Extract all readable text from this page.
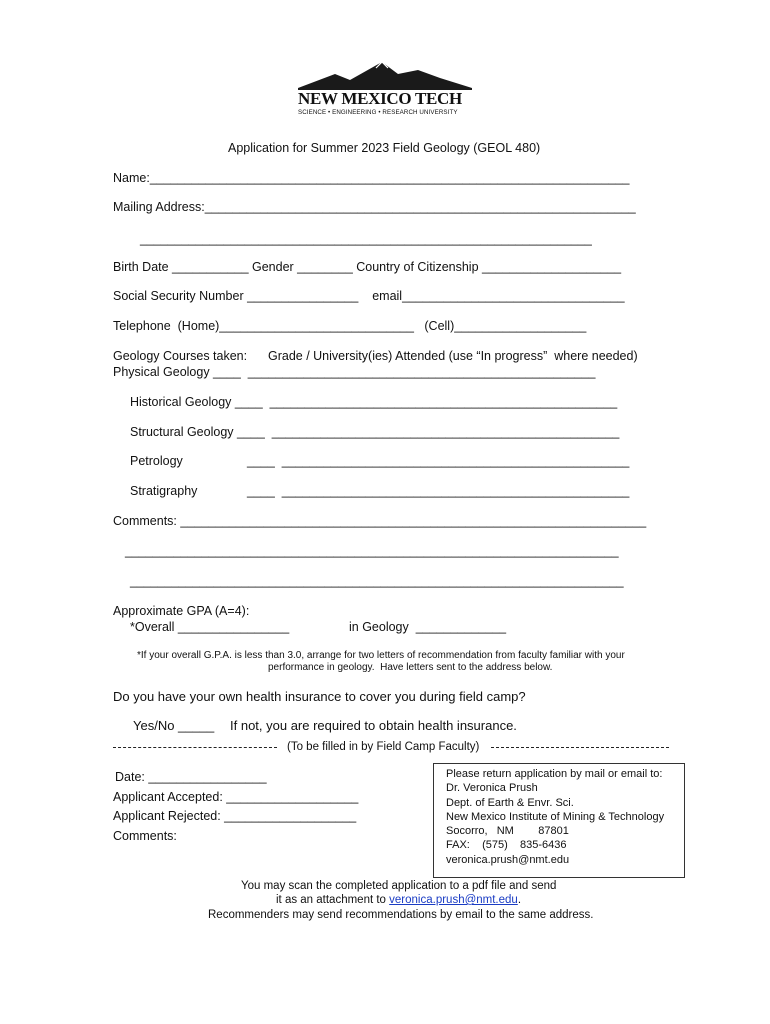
NEW MEXICO TECH

SCIENCE • ENGINEERING • RESEARCH UNIVERSITY

Application for Summer 2023 Field Geology (GEOL 480)
Name:_____________________________________________________________________
Mailing Address:______________________________________________________________
_________________________________________________________________
Birth Date ___________ Gender ________ Country of Citizenship ____________________
Social Security Number ________________    email________________________________
Telephone  (Home)____________________________   (Cell)___________________
Geology Courses taken: Grade / University(ies) Attended (use “In progress”  where needed)
Physical Geology ____  __________________________________________________
Historical Geology ____  __________________________________________________
Structural Geology ____  __________________________________________________
Petrology	____  __________________________________________________
Stratigraphy	____  __________________________________________________
Comments: ___________________________________________________________________
_______________________________________________________________________
_______________________________________________________________________
Approximate GPA (A=4):
*Overall ________________	in Geology  _____________
*If your overall G.P.A. is less than 3.0, arrange for two letters of recommendation from faculty familiar with your
performance in geology.  Have letters sent to the address below.
Do you have your own health insurance to cover you during field camp?
Yes/No _____ If not, you are required to obtain health insurance.
(To be filled in by Field Camp Faculty)
Date: _________________
Applicant Accepted: ___________________
Applicant Rejected: ___________________
Comments:
Please return application by mail or email to:
Dr. Veronica Prush
Dept. of Earth & Envr. Sci.
New Mexico Institute of Mining & Technology
Socorro,   NM        87801
FAX:    (575)    835-6436
veronica.prush@nmt.edu
You may scan the completed application to a pdf file and send
it as an attachment to veronica.prush@nmt.edu.
Recommenders may send recommendations by email to the same address.
